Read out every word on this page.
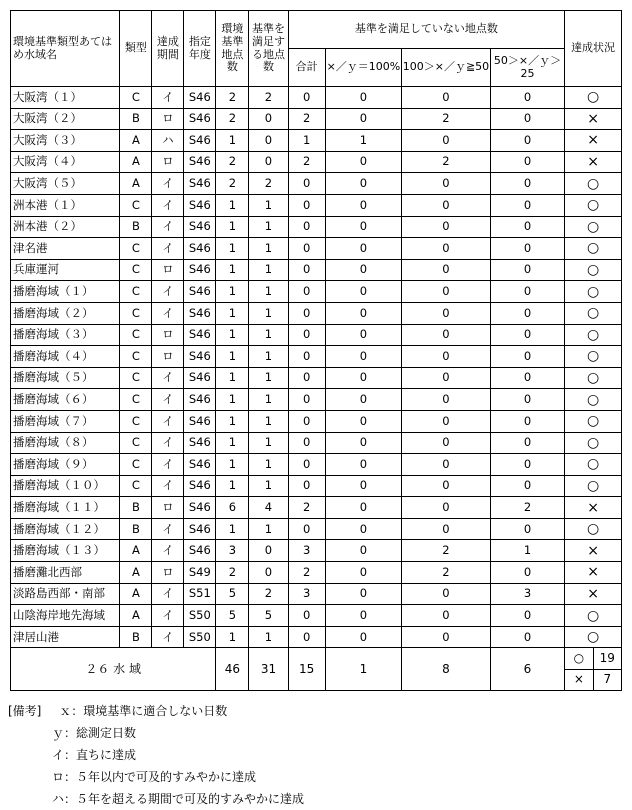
環境基準類型あてはめ水域名	類型	達成期間	指定年度	環境基準地点数	基準を満足する地点数	基準を満足していない地点数	達成状況
合計	×／ｙ＝100%	100＞×／ｙ≧50	50＞×／ｙ＞25
大阪湾（１）	C	イ	S46	2	2	0	0	0	0	○
大阪湾（２）	B	ロ	S46	2	0	2	0	2	0	×
大阪湾（３）	A	ハ	S46	1	0	1	1	0	0	×
大阪湾（４）	A	ロ	S46	2	0	2	0	2	0	×
大阪湾（５）	A	イ	S46	2	2	0	0	0	0	○
洲本港（１）	C	イ	S46	1	1	0	0	0	0	○
洲本港（２）	B	イ	S46	1	1	0	0	0	0	○
津名港	C	イ	S46	1	1	0	0	0	0	○
兵庫運河	C	ロ	S46	1	1	0	0	0	0	○
播磨海域（１）	C	イ	S46	1	1	0	0	0	0	○
播磨海域（２）	C	イ	S46	1	1	0	0	0	0	○
播磨海域（３）	C	ロ	S46	1	1	0	0	0	0	○
播磨海域（４）	C	ロ	S46	1	1	0	0	0	0	○
播磨海域（５）	C	イ	S46	1	1	0	0	0	0	○
播磨海域（６）	C	イ	S46	1	1	0	0	0	0	○
播磨海域（７）	C	イ	S46	1	1	0	0	0	0	○
播磨海域（８）	C	イ	S46	1	1	0	0	0	0	○
播磨海域（９）	C	イ	S46	1	1	0	0	0	0	○
播磨海域（１０）	C	イ	S46	1	1	0	0	0	0	○
播磨海域（１１）	B	ロ	S46	6	4	2	0	0	2	×
播磨海域（１２）	B	イ	S46	1	1	0	0	0	0	○
播磨海域（１３）	A	イ	S46	3	0	3	0	2	1	×
播磨灘北西部	A	ロ	S49	2	0	2	0	2	0	×
淡路島西部・南部	A	イ	S51	5	2	3	0	0	3	×
山陰海岸地先海域	A	イ	S50	5	5	0	0	0	0	○
津居山港	B	イ	S50	1	1	0	0	0	0	○
２６ 水 域	46	31	15	1	8	6	
○	19
×	7
[備考] ｘ：環境基準に適合しない日数
ｙ：総測定日数
イ：直ちに達成
ロ：５年以内で可及的すみやかに達成
ハ：５年を超える期間で可及的すみやかに達成
